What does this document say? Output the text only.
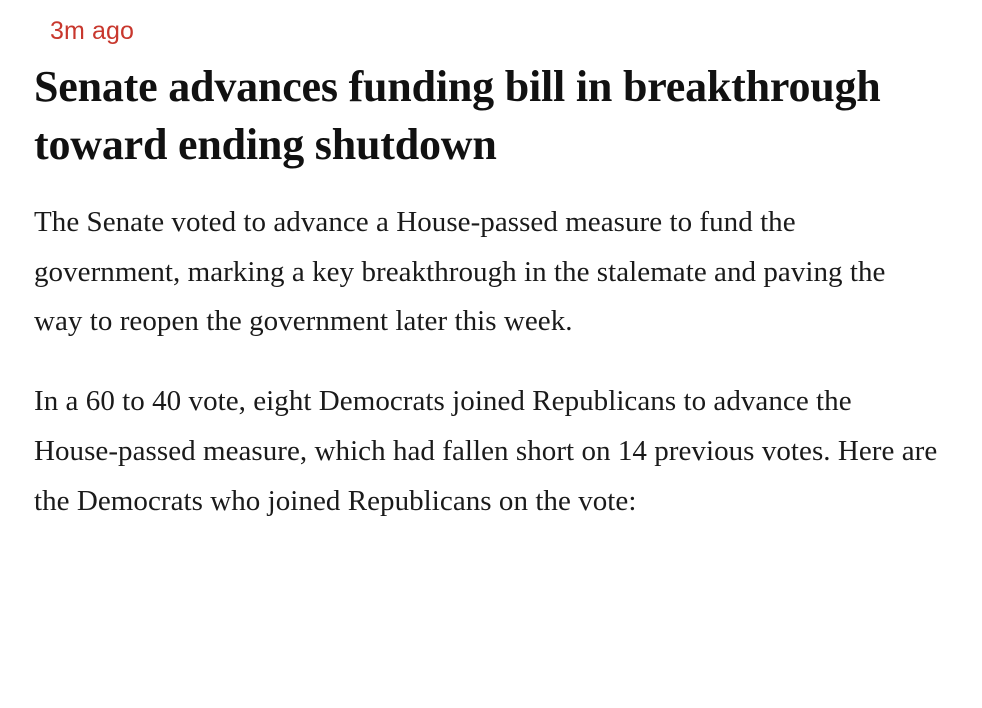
3m ago
Senate advances funding bill in breakthrough toward ending shutdown

The Senate voted to advance a House-passed measure to fund the government, marking a key breakthrough in the stalemate and paving the way to reopen the government later this week.

In a 60 to 40 vote, eight Democrats joined Republicans to advance the House-passed measure, which had fallen short on 14 previous votes. Here are the Democrats who joined Republicans on the vote:
